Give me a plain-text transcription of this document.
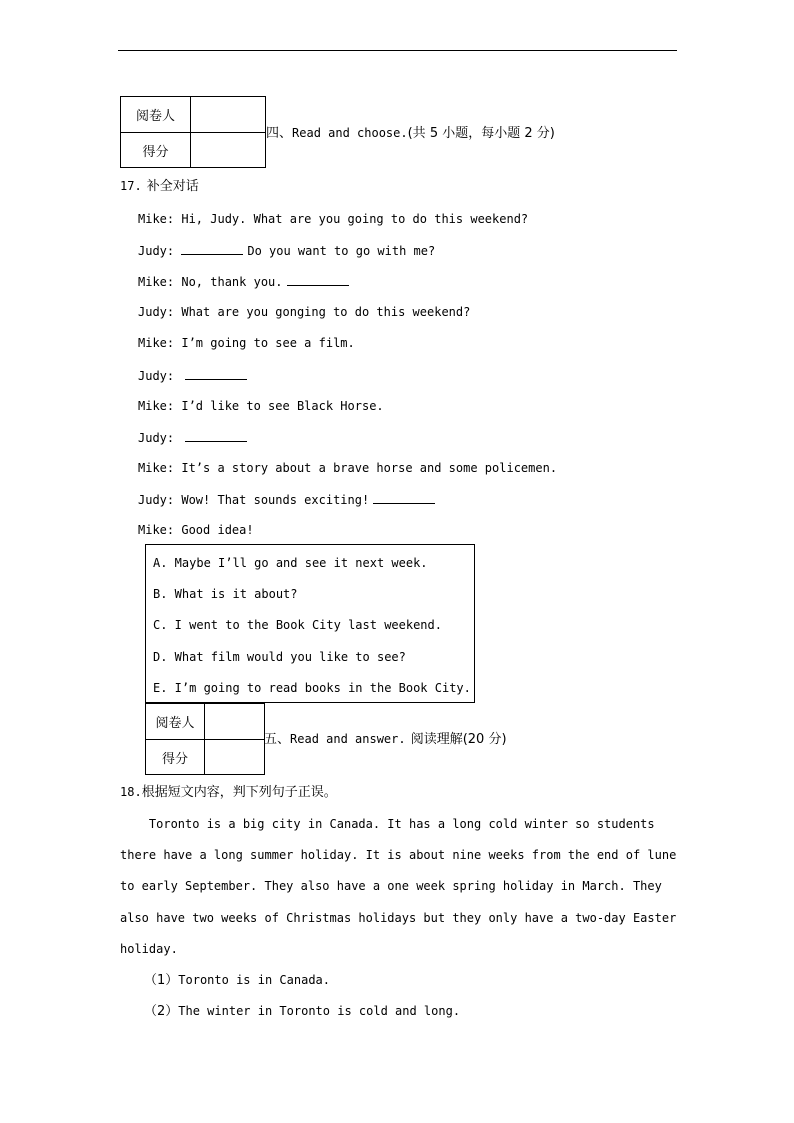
阅卷人	
得分	
四、Read and choose.(共 5 小题，每小题 2 分)
17. 补全对话
Mike: Hi, Judy. What are you going to do this weekend?
Judy:	Do you want to go with me?
Mike: No, thank you.
Judy: What are you gonging to do this weekend?
Mike: I’m going to see a film.
Judy:
Mike: I’d like to see Black Horse.
Judy:
Mike: It’s a story about a brave horse and some policemen.
Judy: Wow! That sounds exciting!
Mike: Good idea!
A. Maybe I’ll go and see it next week.
B. What is it about?
C. I went to the Book City last weekend.
D. What film would you like to see?
E. I’m going to read books in the Book City.
阅卷人	
得分	
五、Read and answer. 阅读理解(20 分)
18.根据短文内容，判下列句子正误。
Toronto is a big city in Canada. It has a long cold winter so students
there have a long summer holiday. It is about nine weeks from the end of lune
to early September. They also have a one week spring holiday in March. They
also have two weeks of Christmas holidays but they only have a two-day Easter
holiday.
（1）Toronto is in Canada.
（2）The winter in Toronto is cold and long.
